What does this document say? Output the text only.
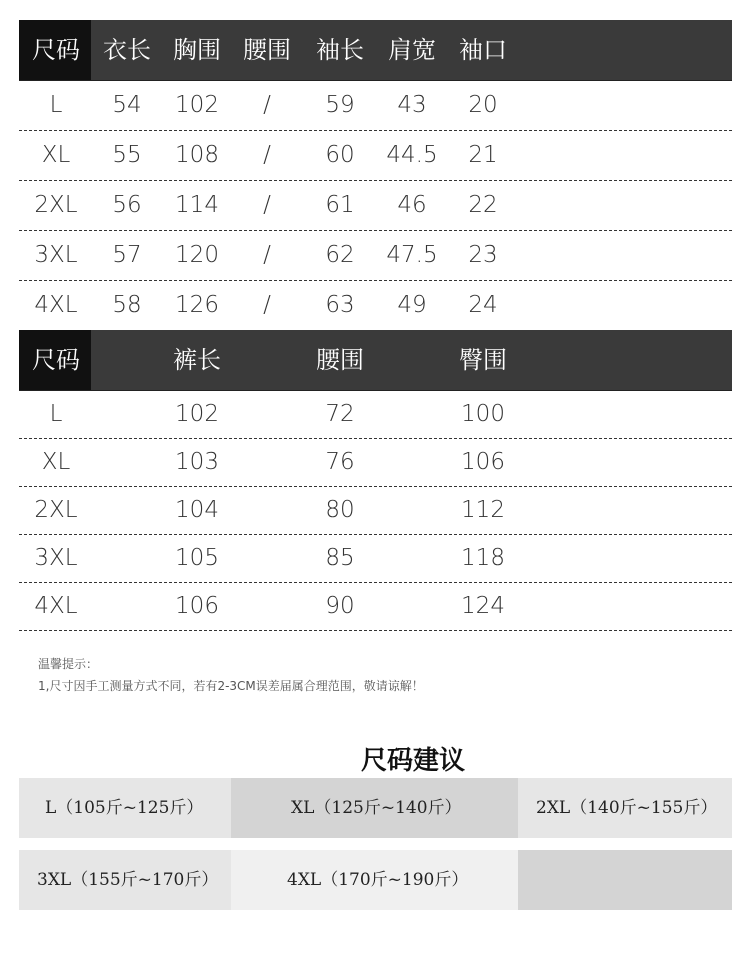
尺码 衣长 胸围 腰围 袖长 肩宽 袖口
L 54 102 / 59 43 20
XL 55 108 / 60 44.5 21
2XL 56 114 / 61 46 22
3XL 57 120 / 62 47.5 23
4XL 58 126 / 63 49 24
尺码	裤长	腰围	臀围
L	102	72	100
XL	103	76	106
2XL	104	80	112
3XL	105	85	118
4XL	106	90	124
温馨提示：
1,尺寸因手工测量方式不同，若有2-3CM误差届属合理范围，敬请谅解！
尺码建议
L（105斤~125斤）	XL（125斤~140斤）	2XL（140斤~155斤）
3XL（155斤~170斤）	4XL（170斤~190斤）
